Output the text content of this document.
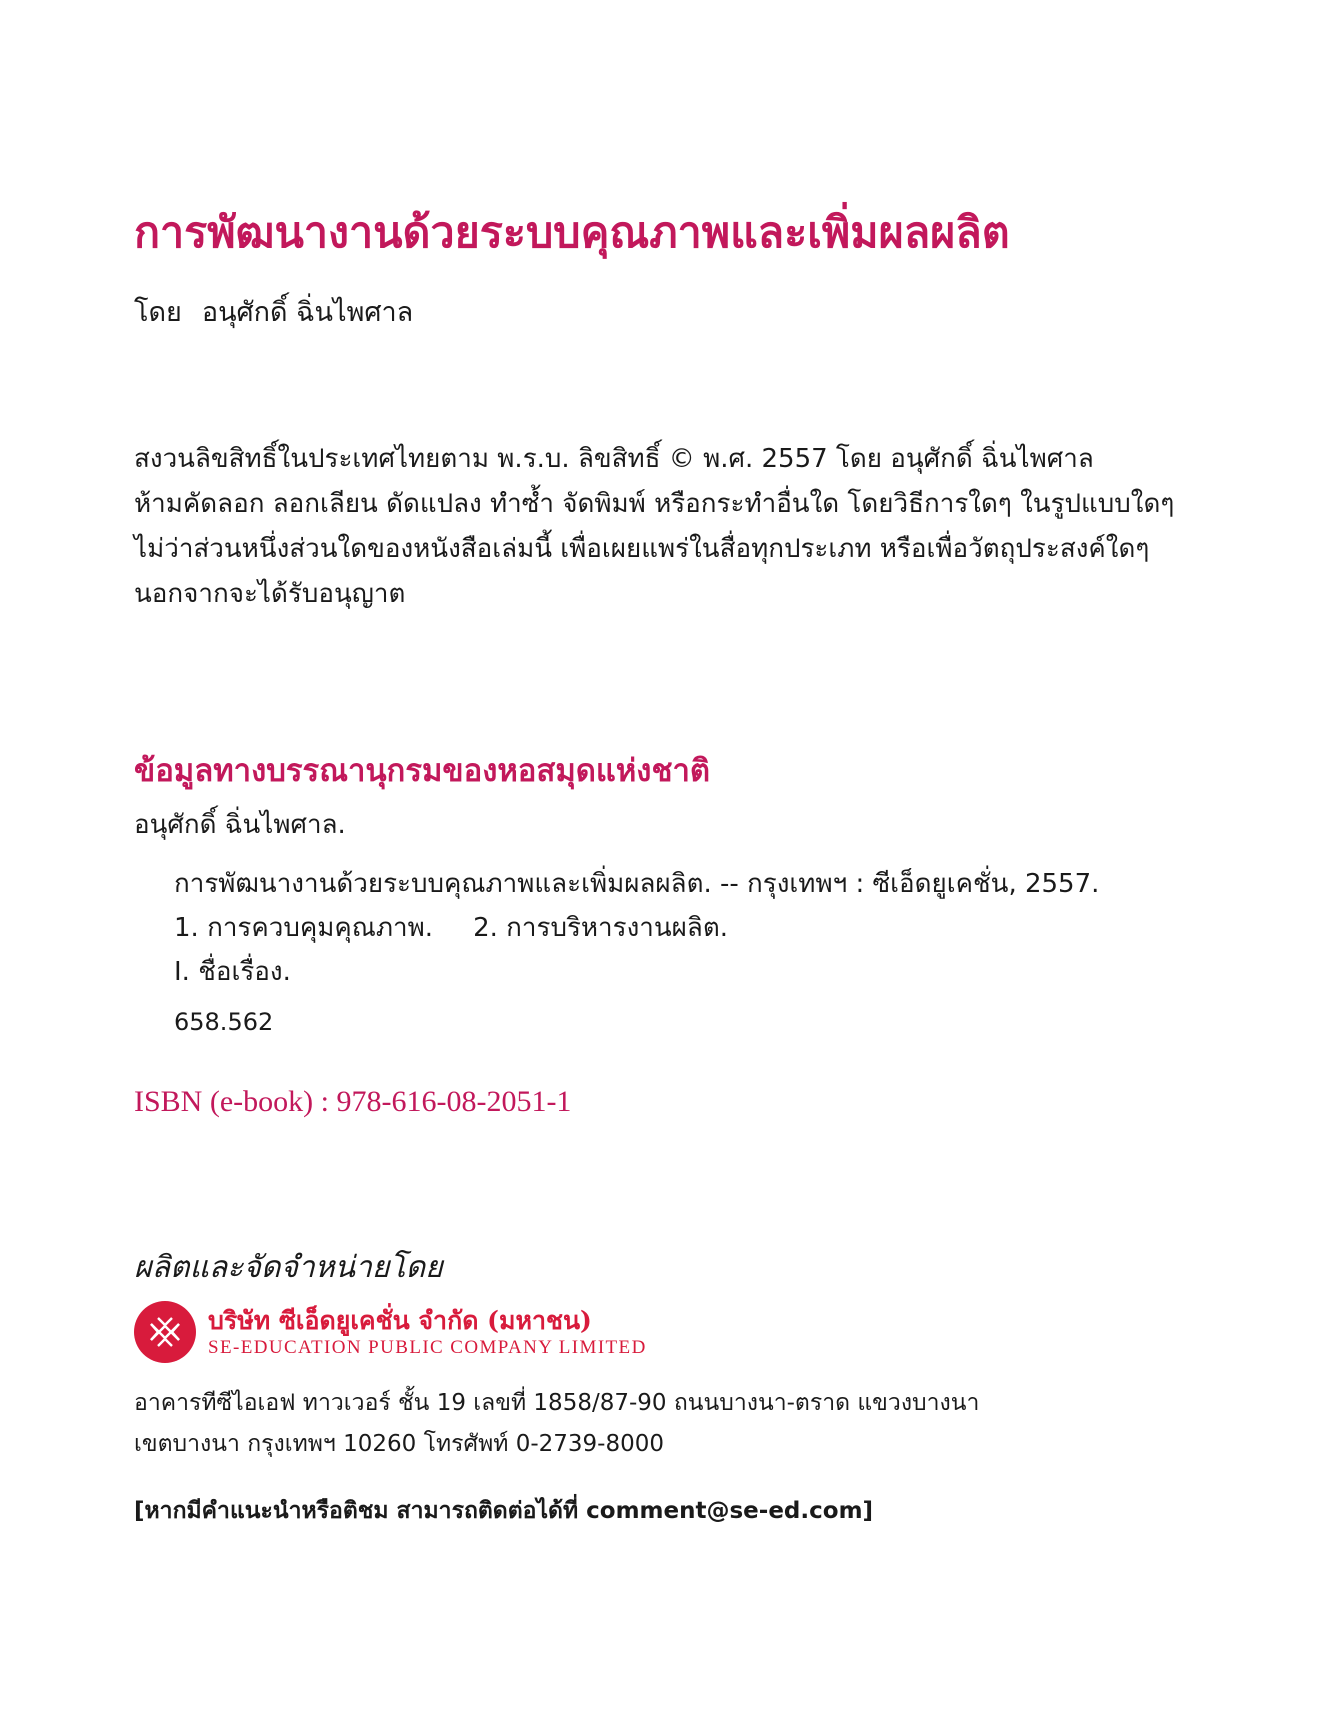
การพัฒนางานด้วยระบบคุณภาพและเพิ่มผลผลิต
โดย อนุศักดิ์ ฉิ่นไพศาล

สงวนลิขสิทธิ์ในประเทศไทยตาม พ.ร.บ. ลิขสิทธิ์ © พ.ศ. 2557 โดย อนุศักดิ์ ฉิ่นไพศาล

ห้ามคัดลอก ลอกเลียน ดัดแปลง ทำซ้ำ จัดพิมพ์ หรือกระทำอื่นใด โดยวิธีการใดๆ ในรูปแบบใดๆ

ไม่ว่าส่วนหนึ่งส่วนใดของหนังสือเล่มนี้ เพื่อเผยแพร่ในสื่อทุกประเภท หรือเพื่อวัตถุประสงค์ใดๆ

นอกจากจะได้รับอนุญาต

ข้อมูลทางบรรณานุกรมของหอสมุดแห่งชาติ
อนุศักดิ์ ฉิ่นไพศาล.
การพัฒนางานด้วยระบบคุณภาพและเพิ่มผลผลิต. -- กรุงเทพฯ : ซีเอ็ดยูเคชั่น, 2557.
1. การควบคุมคุณภาพ. 2. การบริหารงานผลิต.
I. ชื่อเรื่อง.
658.562
ISBN (e-book) : 978-616-08-2051-1
ผลิตและจัดจำหน่ายโดย
บริษัท ซีเอ็ดยูเคชั่น จำกัด (มหาชน)
SE-EDUCATION PUBLIC COMPANY LIMITED

อาคารทีซีไอเอฟ ทาวเวอร์ ชั้น 19 เลขที่ 1858/87-90 ถนนบางนา-ตราด แขวงบางนา

เขตบางนา กรุงเทพฯ 10260 โทรศัพท์ 0-2739-8000

[หากมีคำแนะนำหรือติชม สามารถติดต่อได้ที่ comment@se-ed.com]
